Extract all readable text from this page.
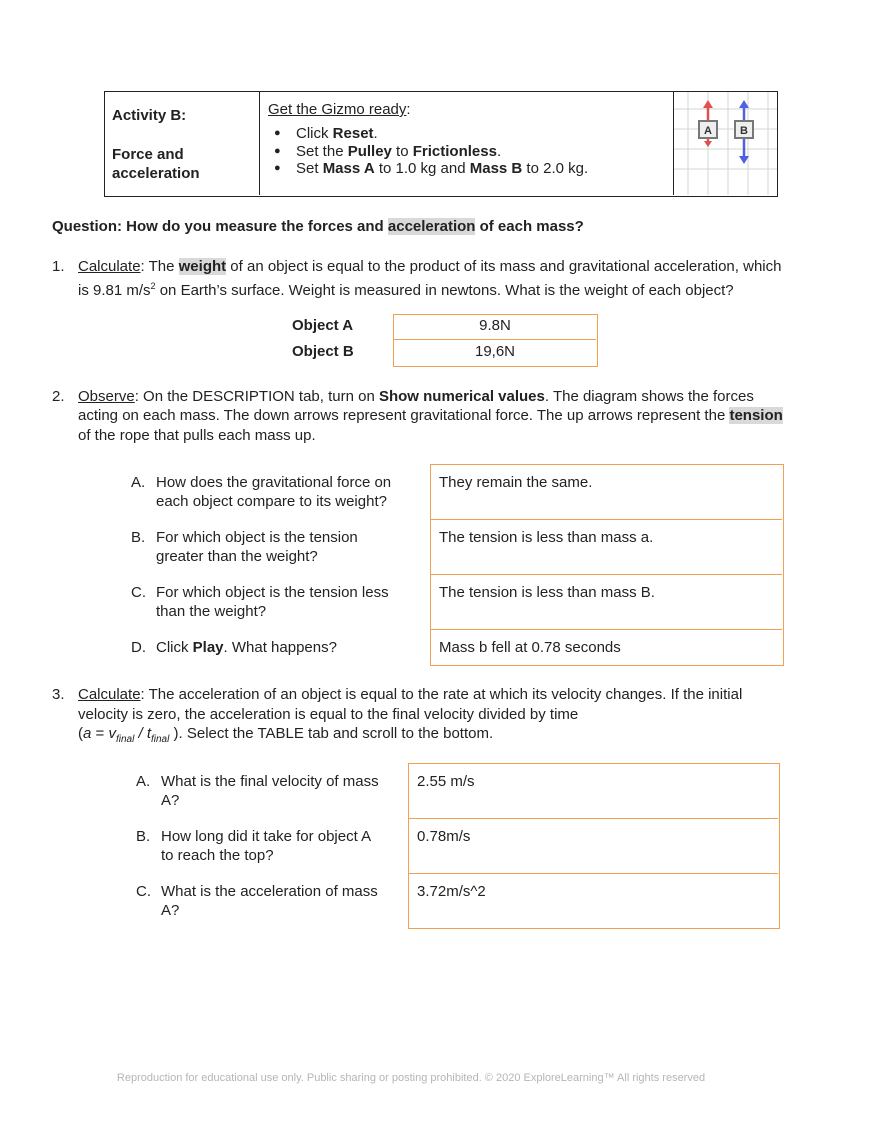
Activity B:
Force and
acceleration
Get the Gizmo ready:
● Click Reset.
● Set the Pulley to Frictionless.
● Set Mass A to 1.0 kg and Mass B to 2.0 kg.
A	B
Question: How do you measure the forces and acceleration of each mass?
1. Calculate: The weight of an object is equal to the product of its mass and gravitational acceleration, which
is 9.81 $m/s^2$ on Earth’s surface. Weight is measured in newtons. What is the weight of each object?
Object A
Object B
9.8N
19,6N
2. Observe: On the DESCRIPTION tab, turn on Show numerical values. The diagram shows the forces
acting on each mass. The down arrows represent gravitational force. The up arrows represent the tension
of the rope that pulls each mass up.
A. How does the gravitational force on
each object compare to its weight?
B. For which object is the tension
greater than the weight?
C. For which object is the tension less
than the weight?
D. Click Play. What happens?
They remain the same.
The tension is less than mass a.
The tension is less than mass B.
Mass b fell at 0.78 seconds
3. Calculate: The acceleration of an object is equal to the rate at which its velocity changes. If the initial
velocity is zero, the acceleration is equal to the final velocity divided by time
($a = v_{final} / t_{final}$ ). Select the TABLE tab and scroll to the bottom.
A. What is the final velocity of mass
A?
B. How long did it take for object A
to reach the top?
C. What is the acceleration of mass
A?
2.55 m/s
0.78m/s
3.72m/s^2
Reproduction for educational use only. Public sharing or posting prohibited. © 2020 ExploreLearning™ All rights reserved
